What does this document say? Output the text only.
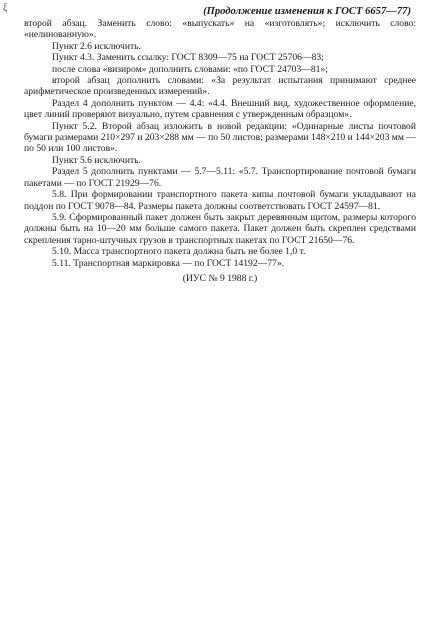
ξ	(Продолжение изменения к ГОСТ 6657—77)

второй абзац. Заменить слово: «выпускать» на «изготовлять»; исключить слово: «нелинованную».

Пункт 2.6 исключить.

Пункт 4.3. Заменить ссылку: ГОСТ 8309—75 на ГОСТ 25706—83;

после слова «визиром» дополнить словами: «по ГОСТ 24703—81»;

второй абзац дополнить словами: «За результат испытания принимают среднее арифметическое произведенных измерений».

Раздел 4 дополнить пунктом — 4.4: «4.4. Внешний вид, художественное оформление, цвет линий проверяют визуально, путем сравнения с утвержденным образцом».

Пункт 5.2. Второй абзац изложить в новой редакции: «Одинарные листы почтовой бумаги размерами 210×297 и 203×288 мм — по 50 листов; размерами 148×210 и 144×203 мм — по 50 или 100 листов».

Пункт 5.6 исключить.

Раздел 5 дополнить пунктами — 5.7—5.11: «5.7. Транспортирование почтовой бумаги пакетами — по ГОСТ 21929—76.

5.8. При формировании транспортного пакета кипы почтовой бумаги укладывают на поддон по ГОСТ 9078—84. Размеры пакета должны соответствовать ГОСТ 24597—81.

5.9. Сформированный пакет должен быть закрыт деревянным щитом, размеры которого должны быть на 10—20 мм больше самого пакета. Пакет должен быть скреплен средствами скрепления тарно-штучных грузов в транспортных пакетах по ГОСТ 21650—76.

5.10. Масса транспортного пакета должна быть не более 1,0 т.

5.11. Транспортная маркировка — по ГОСТ 14192—77».

(ИУС № 9 1988 г.)
